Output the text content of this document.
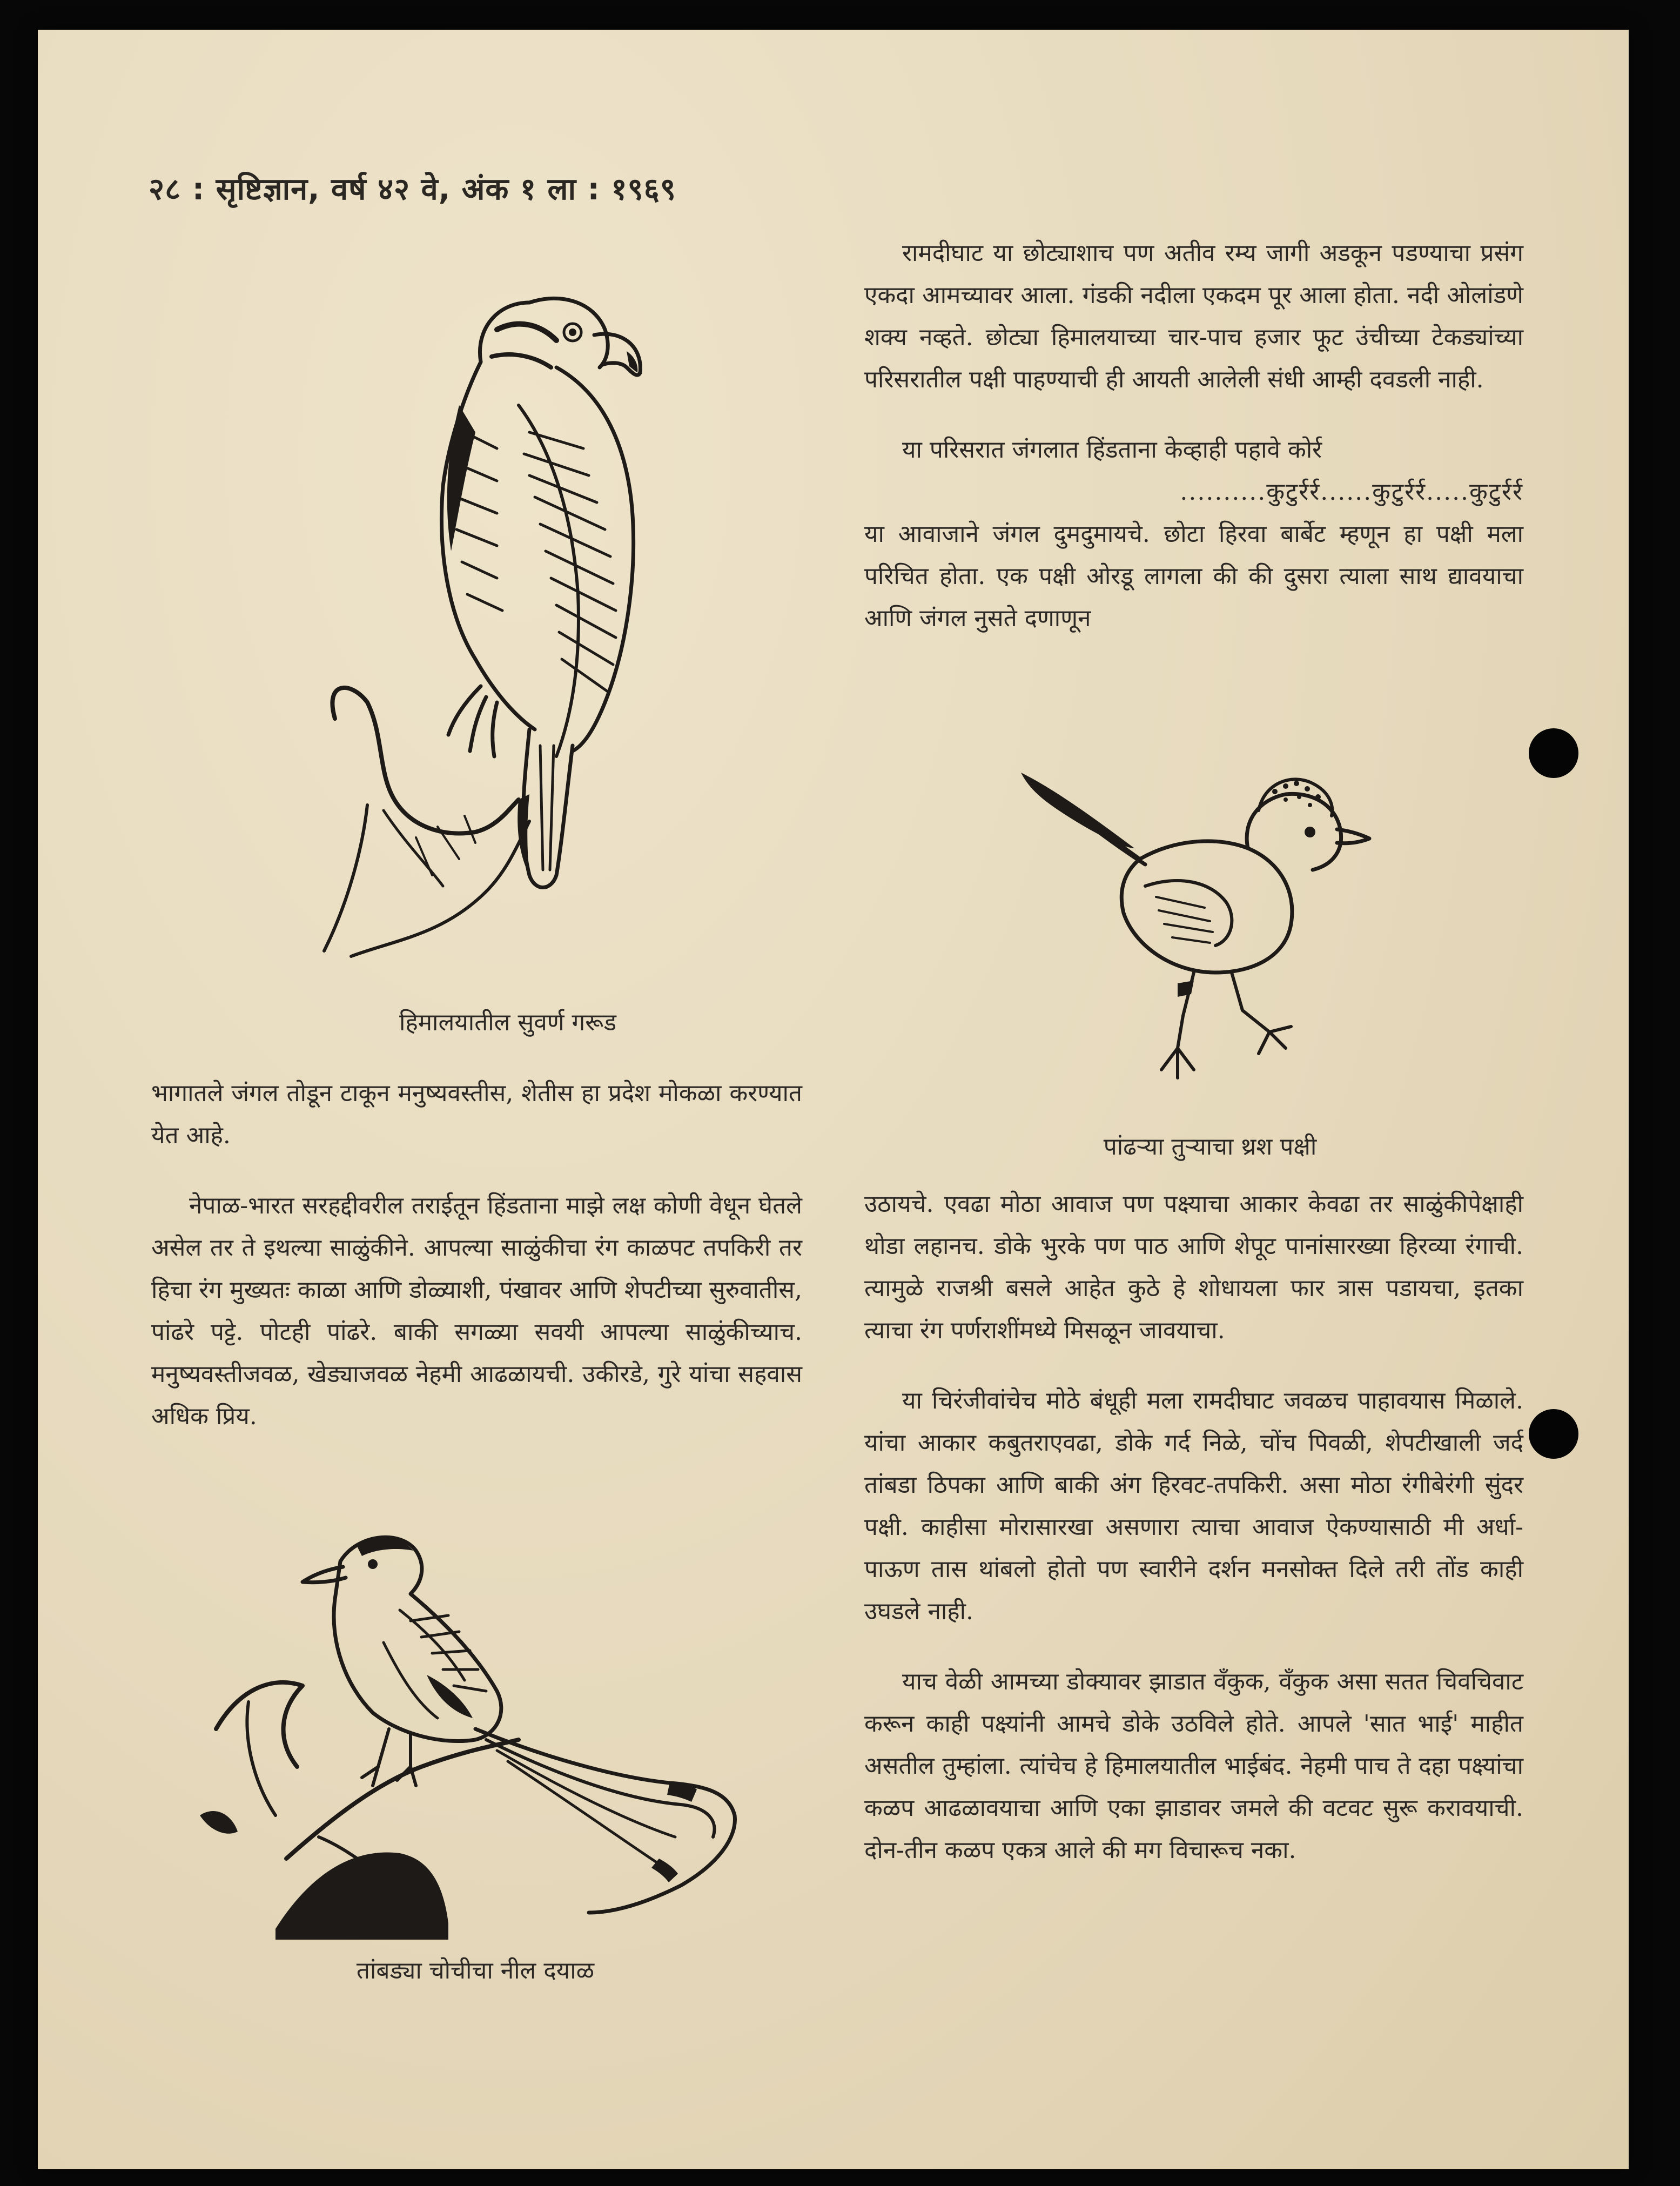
२८ : सृष्टिज्ञान, वर्ष ४२ वे, अंक १ ला : १९६९
हिमालयातील सुवर्ण गरूड

भागातले जंगल तोडून टाकून मनुष्यवस्तीस, शेतीस हा प्रदेश मोकळा करण्यात येत आहे.

नेपाळ-भारत सरहद्दीवरील तराईतून हिंडताना माझे लक्ष कोणी वेधून घेतले असेल तर ते इथल्या साळुंकीने. आपल्या साळुंकीचा रंग काळपट तपकिरी तर हिचा रंग मुख्यतः काळा आणि डोळ्याशी, पंखावर आणि शेपटीच्या सुरुवातीस, पांढरे पट्टे. पोटही पांढरे. बाकी सगळ्या सवयी आपल्या साळुंकीच्याच. मनुष्यवस्तीजवळ, खेड्याजवळ नेहमी आढळायची. उकीरडे, गुरे यांचा सहवास अधिक प्रिय.

तांबड्या चोचीचा नील दयाळ

रामदीघाट या छोट्याशाच पण अतीव रम्य जागी अडकून पडण्याचा प्रसंग एकदा आमच्यावर आला. गंडकी नदीला एकदम पूर आला होता. नदी ओलांडणे शक्य नव्हते. छोट्या हिमालयाच्या चार-पाच हजार फूट उंचीच्या टेकड्यांच्या परिसरातील पक्षी पाहण्याची ही आयती आलेली संधी आम्ही दवडली नाही.

या परिसरात जंगलात हिंडताना केव्हाही पहावे कोर्र
..........कुटुर्रर्र......कुटुर्रर्र.....कुटुर्रर्र
या आवाजाने जंगल दुमदुमायचे. छोटा हिरवा बार्बेट म्हणून हा पक्षी मला परिचित होता. एक पक्षी ओरडू लागला की की दुसरा त्याला साथ द्यावयाचा आणि जंगल नुसते दणाणून

पांढऱ्या तुऱ्याचा थ्रश पक्षी

उठायचे. एवढा मोठा आवाज पण पक्ष्याचा आकार केवढा तर साळुंकीपेक्षाही थोडा लहानच. डोके भुरके पण पाठ आणि शेपूट पानांसारख्या हिरव्या रंगाची. त्यामुळे राजश्री बसले आहेत कुठे हे शोधायला फार त्रास पडायचा, इतका त्याचा रंग पर्णराशींमध्ये मिसळून जावयाचा.

या चिरंजीवांचेच मोठे बंधूही मला रामदीघाट जवळच पाहावयास मिळाले. यांचा आकार कबुतराएवढा, डोके गर्द निळे, चोंच पिवळी, शेपटीखाली जर्द तांबडा ठिपका आणि बाकी अंग हिरवट-तपकिरी. असा मोठा रंगीबेरंगी सुंदर पक्षी. काहीसा मोरासारखा असणारा त्याचा आवाज ऐकण्यासाठी मी अर्धा-पाऊण तास थांबलो होतो पण स्वारीने दर्शन मनसोक्त दिले तरी तोंड काही उघडले नाही.

याच वेळी आमच्या डोक्यावर झाडात वॅंकुक, वॅंकुक असा सतत चिवचिवाट करून काही पक्ष्यांनी आमचे डोके उठविले होते. आपले 'सात भाई' माहीत असतील तुम्हांला. त्यांचेच हे हिमालयातील भाईबंद. नेहमी पाच ते दहा पक्ष्यांचा कळप आढळावयाचा आणि एका झाडावर जमले की वटवट सुरू करावयाची. दोन-तीन कळप एकत्र आले की मग विचारूच नका.
